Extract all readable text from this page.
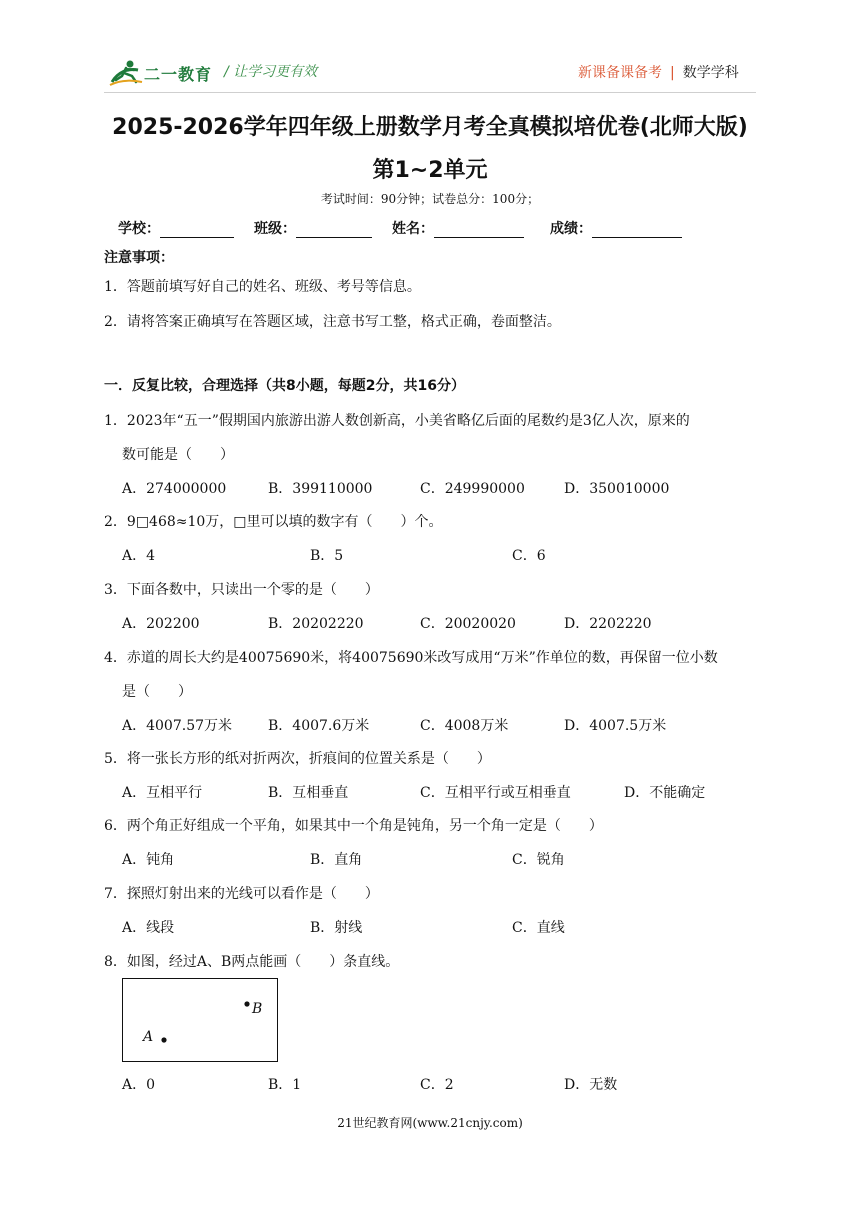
二一教育 / 让学习更有效	新课备课备考 | 数学学科
2025-2026学年四年级上册数学月考全真模拟培优卷(北师大版)
第1~2单元
考试时间：90分钟；试卷总分：100分；
学校：	班级：	姓名：	成绩：
注意事项：
1．答题前填写好自己的姓名、班级、考号等信息。
2．请将答案正确填写在答题区域，注意书写工整，格式正确，卷面整洁。
一．反复比较，合理选择（共8小题，每题2分，共16分）
1．2023年“五一”假期国内旅游出游人数创新高，小美省略亿后面的尾数约是3亿人次，原来的
数可能是（　　）
A．274000000	B．399110000	C．249990000	D．350010000
2．9□468≈10万，□里可以填的数字有（　　）个。
A．4	B．5	C．6
3．下面各数中，只读出一个零的是（　　）
A．202200	B．20202220	C．20020020	D．2202220
4．赤道的周长大约是40075690米，将40075690米改写成用“万米”作单位的数，再保留一位小数
是（　　）
A．4007.57万米	B．4007.6万米	C．4008万米	D．4007.5万米
5．将一张长方形的纸对折两次，折痕间的位置关系是（　　）
A．互相平行	B．互相垂直	C．互相平行或互相垂直	D．不能确定
6．两个角正好组成一个平角，如果其中一个角是钝角，另一个角一定是（　　）
A．钝角	B．直角	C．锐角
7．探照灯射出来的光线可以看作是（　　）
A．线段	B．射线	C．直线
8．如图，经过A、B两点能画（　　）条直线。
B
A
A．0	B．1	C．2	D．无数
21世纪教育网(www.21cnjy.com)
